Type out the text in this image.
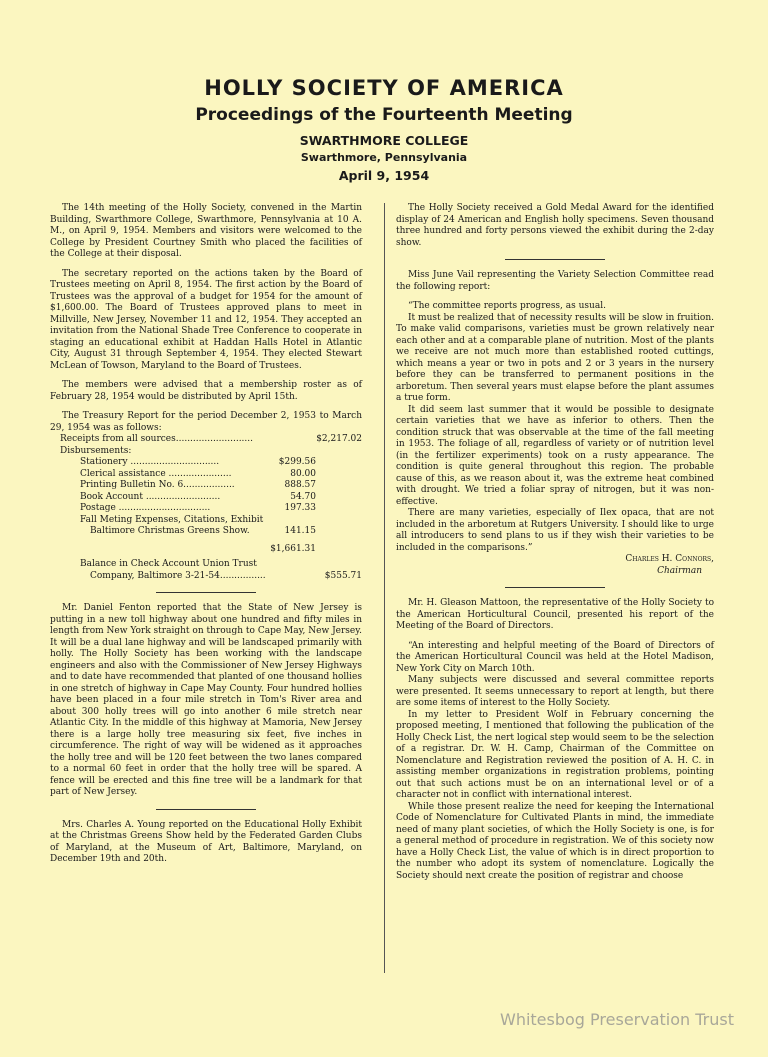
HOLLY SOCIETY OF AMERICA
Proceedings of the Fourteenth Meeting
SWARTHMORE COLLEGE
Swarthmore, Pennsylvania
April 9, 1954

The 14th meeting of the Holly Society, convened in the Martin Building, Swarthmore College, Swarthmore, Pennsylvania at 10 A. M., on April 9, 1954. Members and visitors were welcomed to the College by President Courtney Smith who placed the facilities of the College at their disposal.

The secretary reported on the actions taken by the Board of Trustees meeting on April 8, 1954. The first action by the Board of Trustees was the approval of a budget for 1954 for the amount of $1,600.00. The Board of Trustees approved plans to meet in Millville, New Jersey, November 11 and 12, 1954. They accepted an invitation from the National Shade Tree Conference to cooperate in staging an educational exhibit at Haddan Halls Hotel in Atlantic City, August 31 through September 4, 1954. They elected Stewart McLean of Towson, Maryland to the Board of Trustees.

The members were advised that a membership roster as of February 28, 1954 would be distributed by April 15th.

The Treasury Report for the period December 2, 1953 to March 29, 1954 was as follows:

Receipts from all sources...........................	$2,217.02
Disbursements:
Stationery ...............................	$299.56
Clerical assistance ......................	80.00
Printing Bulletin No. 6..................	888.57
Book Account ..........................	54.70
Postage ................................	197.33
Fall Meting Expenses, Citations, Exhibit
Baltimore Christmas Greens Show.	141.15
$1,661.31
Balance in Check Account Union Trust
Company, Baltimore 3-21-54................	$555.71

Mr. Daniel Fenton reported that the State of New Jersey is putting in a new toll highway about one hundred and fifty miles in length from New York straight on through to Cape May, New Jersey. It will be a dual lane highway and will be landscaped primarily with holly. The Holly Society has been working with the landscape engineers and also with the Commissioner of New Jersey Highways and to date have recommended that planted of one thousand hollies in one stretch of highway in Cape May County. Four hundred hollies have been placed in a four mile stretch in Tom's River area and about 300 holly trees will go into another 6 mile stretch near Atlantic City. In the middle of this highway at Mamoria, New Jersey there is a large holly tree measuring six feet, five inches in circumference. The right of way will be widened as it approaches the holly tree and will be 120 feet between the two lanes compared to a normal 60 feet in order that the holly tree will be spared. A fence will be erected and this fine tree will be a landmark for that part of New Jersey.

Mrs. Charles A. Young reported on the Educational Holly Exhibit at the Christmas Greens Show held by the Federated Garden Clubs of Maryland, at the Museum of Art, Baltimore, Maryland, on December 19th and 20th.

The Holly Society received a Gold Medal Award for the identified display of 24 American and English holly specimens. Seven thousand three hundred and forty persons viewed the exhibit during the 2-day show.

Miss June Vail representing the Variety Selection Committee read the following report:

“The committee reports progress, as usual.

It must be realized that of necessity results will be slow in fruition. To make valid comparisons, varieties must be grown relatively near each other and at a comparable plane of nutrition. Most of the plants we receive are not much more than established rooted cuttings, which means a year or two in pots and 2 or 3 years in the nursery before they can be transferred to permanent positions in the arboretum. Then several years must elapse before the plant assumes a true form.

It did seem last summer that it would be possible to designate certain varieties that we have as inferior to others. Then the condition struck that was observable at the time of the fall meeting in 1953. The foliage of all, regardless of variety or of nutrition level (in the fertilizer experiments) took on a rusty appearance. The condition is quite general throughout this region. The probable cause of this, as we reason about it, was the extreme heat combined with drought. We tried a foliar spray of nitrogen, but it was non-effective.

There are many varieties, especially of Ilex opaca, that are not included in the arboretum at Rutgers University. I should like to urge all introducers to send plans to us if they wish their varieties to be included in the comparisons.”

Charles H. Connors,

Chairman

Mr. H. Gleason Mattoon, the representative of the Holly Society to the American Horticultural Council, presented his report of the Meeting of the Board of Directors.

“An interesting and helpful meeting of the Board of Directors of the American Horticultural Council was held at the Hotel Madison, New York City on March 10th.

Many subjects were discussed and several committee reports were presented. It seems unnecessary to report at length, but there are some items of interest to the Holly Society.

In my letter to President Wolf in February concerning the proposed meeting, I mentioned that following the publication of the Holly Check List, the nert logical step would seem to be the selection of a registrar. Dr. W. H. Camp, Chairman of the Committee on Nomenclature and Registration reviewed the position of A. H. C. in assisting member organizations in registration problems, pointing out that such actions must be on an international level or of a character not in conflict with international interest.

While those present realize the need for keeping the International Code of Nomenclature for Cultivated Plants in mind, the immediate need of many plant societies, of which the Holly Society is one, is for a general method of procedure in registration. We of this society now have a Holly Check List, the value of which is in direct proportion to the number who adopt its system of nomenclature. Logically the Society should next create the position of registrar and choose

Whitesbog Preservation Trust
